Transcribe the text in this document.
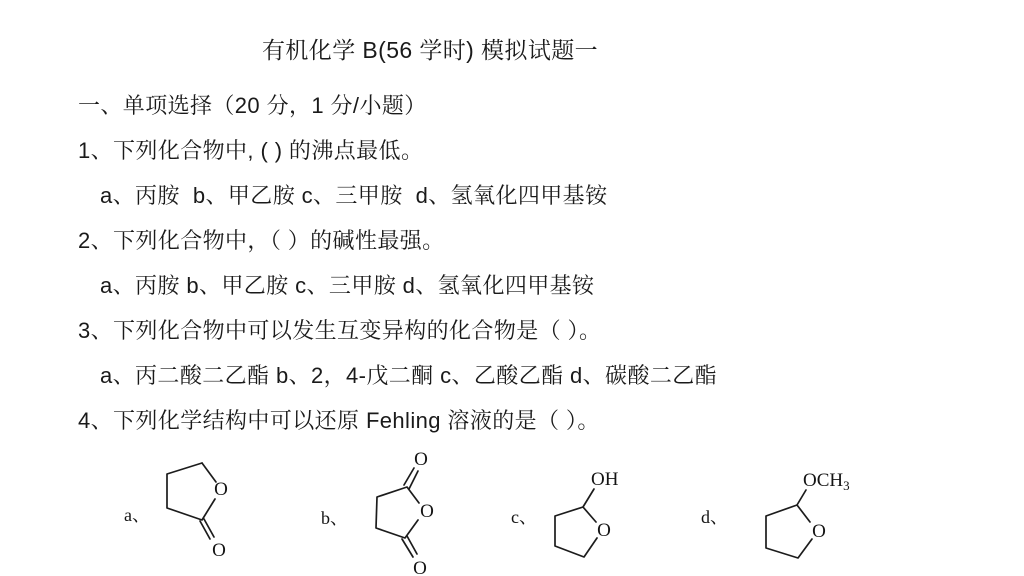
有机化学 B(56 学时) 模拟试题一
一、单项选择（20 分，1 分/小题）
1、下列化合物中, ( ) 的沸点最低。
a、丙胺  b、甲乙胺 c、三甲胺  d、氢氧化四甲基铵
2、下列化合物中，（ ）的碱性最强。
a、丙胺 b、甲乙胺 c、三甲胺 d、氢氧化四甲基铵
3、下列化合物中可以发生互变异构的化合物是（ ）。
a、丙二酸二乙酯 b、2，4-戊二酮 c、乙酸乙酯 d、碳酸二乙酯
4、下列化学结构中可以还原 Fehling 溶液的是（ ）。
a、
O
O
b、	O
O
O
c、
O
OH
d、
O
$OCH_3$
